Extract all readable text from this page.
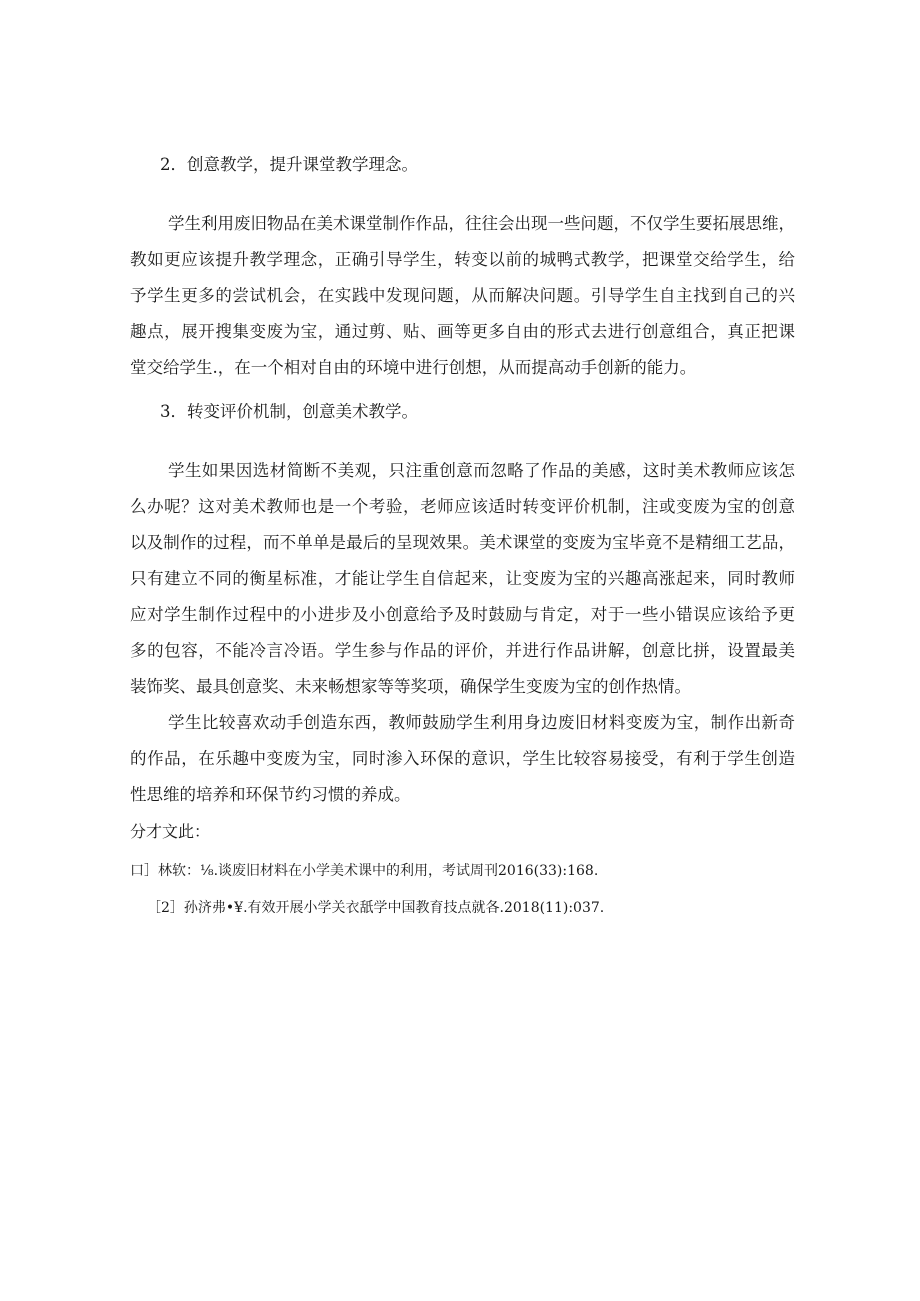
2．创意教学，提升课堂教学理念。
学生利用废旧物品在美术课堂制作作品，往往会出现一些问题，不仅学生要拓展思维，
教如更应该提升教学理念，正确引导学生，转变以前的城鸭式教学，把课堂交给学生，给
予学生更多的尝试机会，在实践中发现问题，从而解决问题。引导学生自主找到自己的兴
趣点，展开搜集变废为宝，通过剪、贴、画等更多自由的形式去进行创意组合，真正把课
堂交给学生.，在一个相对自由的环境中进行创想，从而提高动手创新的能力。
3．转变评价机制，创意美术教学。
学生如果因选材简断不美观，只注重创意而忽略了作品的美感，这时美术教师应该怎
么办呢？这对美术教师也是一个考验，老师应该适时转变评价机制，注或变废为宝的创意
以及制作的过程，而不单单是最后的呈现效果。美术课堂的变废为宝毕竟不是精细工艺品，
只有建立不同的衡星标准，才能让学生自信起来，让变废为宝的兴趣高涨起来，同时教师
应对学生制作过程中的小进步及小创意给予及时鼓励与肯定，对于一些小错误应该给予更
多的包容，不能冷言冷语。学生参与作品的评价，并进行作品讲解，创意比拼，设置最美
装饰奖、最具创意奖、未来畅想家等等奖项，确保学生变废为宝的创作热情。
学生比较喜欢动手创造东西，教师鼓励学生利用身边废旧材料变废为宝，制作出新奇
的作品，在乐趣中变废为宝，同时渗入环保的意识，学生比较容易接受，有利于学生创造
性思维的培养和环保节约习惯的养成。
分才文此：
口］林软：⅛.谈废旧材料在小学美术课中的利用，考试周刊2016(33):168.
［2］孙济弗•¥.有效开展小学关衣舐学中国教育技点就各.2018(11):037.
